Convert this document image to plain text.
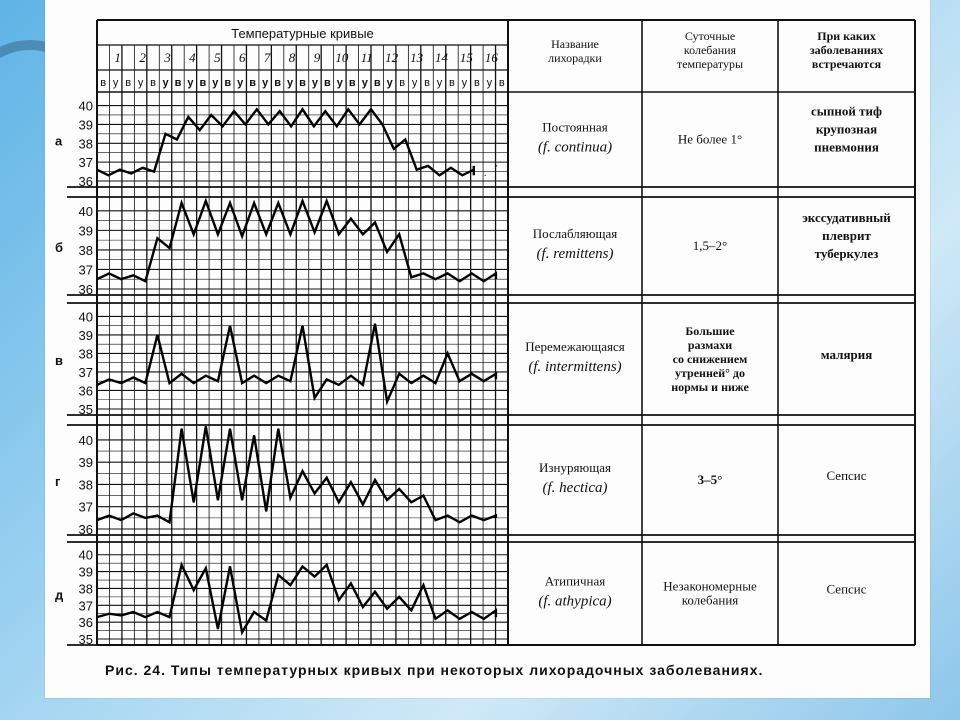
Температурные кривые
Название
лихорадки
Суточные
колебания
температуры
При каких
заболеваниях
встречаются
1 2 3 4 5 6 7 8 9 10 11 12 13 14 15 16
в у в у в у в у в у в у в у в у в у в у в у в у в у в у в у в у в
36
37
38
39
40
а
Постоянная
(f. continua)
Не более 1°
сыпной тиф
крупозная
пневмония
36
37
38
39
40
б
Послабляющая
(f. remittens)
1,5–2°
экссудативный
плеврит
туберкулез
35
36
37
38
39
40
в
Перемежающаяся
(f. intermittens)
Большие
размахи
со снижением
утренней° до
нормы и ниже
малярия
36
37
38
39
40
г
Изнуряющая
(f. hectica)
3–5°	Сепсис
35
36
37
38
39
40
д
Атипичная
(f. athypica)
Незакономерные
колебания
Сепсис
Рис. 24. Типы температурных кривых при некоторых лихорадочных заболеваниях.
